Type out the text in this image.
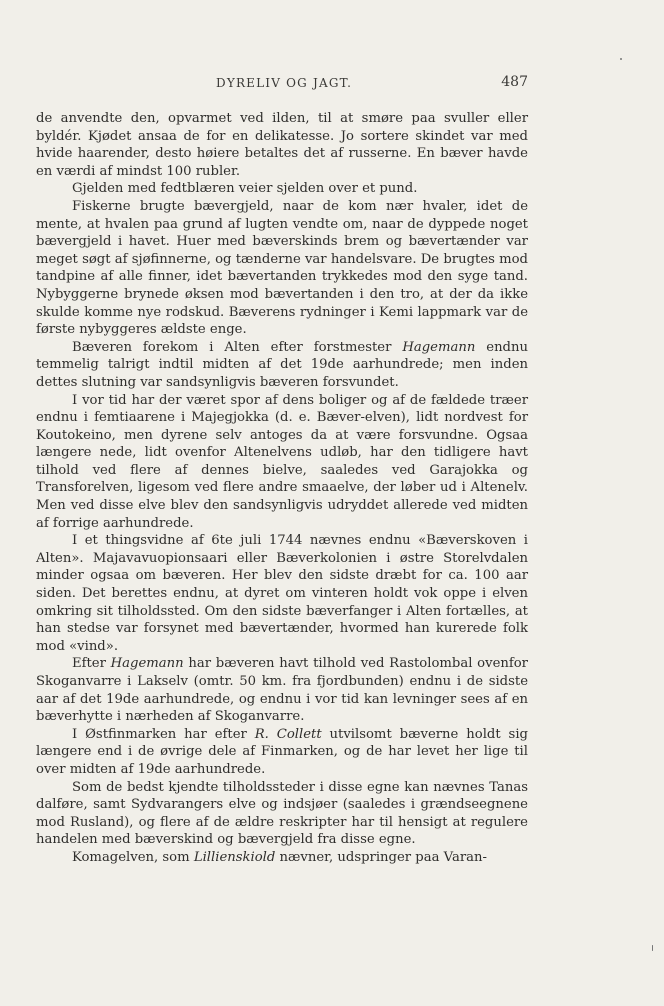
DYRELIV OG JAGT.	487

de anvendte den, opvarmet ved ilden, til at smøre paa svuller eller byldér. Kjødet ansaa de for en delikatesse. Jo sortere skindet var med hvide haarender, desto høiere betaltes det af russerne. En bæver havde en værdi af mindst 100 rubler.

Gjelden med fedtblæren veier sjelden over et pund.

Fiskerne brugte bævergjeld, naar de kom nær hvaler, idet de mente, at hvalen paa grund af lugten vendte om, naar de dyppede noget bævergjeld i havet. Huer med bæverskinds brem og bævertænder var meget søgt af sjøfinnerne, og tænderne var handelsvare. De brugtes mod tandpine af alle finner, idet bævertanden trykkedes mod den syge tand. Nybyggerne brynede øksen mod bævertanden i den tro, at der da ikke skulde komme nye rodskud. Bæverens rydninger i Kemi lappmark var de første nybyggeres ældste enge.

Bæveren forekom i Alten efter forstmester Hagemann endnu temmelig talrigt indtil midten af det 19de aarhundrede; men inden dettes slutning var sandsynligvis bæveren forsvundet.

I vor tid har der været spor af dens boliger og af de fældede træer endnu i femtiaarene i Majegjokka (d. e. Bæver-elven), lidt nordvest for Koutokeino, men dyrene selv antoges da at være forsvundne. Ogsaa længere nede, lidt ovenfor Altenelvens udløb, har den tidligere havt tilhold ved flere af dennes bielve, saaledes ved Garajokka og Transforelven, ligesom ved flere andre smaaelve, der løber ud i Altenelv. Men ved disse elve blev den sandsynligvis udryddet allerede ved midten af forrige aarhundrede.

I et thingsvidne af 6te juli 1744 nævnes endnu «Bæverskoven i Alten». Majavavuopionsaari eller Bæverkolonien i østre Storelvdalen minder ogsaa om bæveren. Her blev den sidste dræbt for ca. 100 aar siden. Det berettes endnu, at dyret om vinteren holdt vok oppe i elven omkring sit tilholdssted. Om den sidste bæverfanger i Alten fortælles, at han stedse var forsynet med bævertænder, hvormed han kurerede folk mod «vind».

Efter Hagemann har bæveren havt tilhold ved Rastolombal ovenfor Skoganvarre i Lakselv (omtr. 50 km. fra fjordbunden) endnu i de sidste aar af det 19de aarhundrede, og endnu i vor tid kan levninger sees af en bæverhytte i nærheden af Skoganvarre.

I Østfinmarken har efter R. Collett utvilsomt bæverne holdt sig længere end i de øvrige dele af Finmarken, og de har levet her lige til over midten af 19de aarhundrede.

Som de bedst kjendte tilholdssteder i disse egne kan nævnes Tanas dalføre, samt Sydvarangers elve og indsjøer (saaledes i grændseegnene mod Rusland), og flere af de ældre reskripter har til hensigt at regulere handelen med bæverskind og bævergjeld fra disse egne.

Komagelven, som Lillienskiold nævner, udspringer paa Varan-
